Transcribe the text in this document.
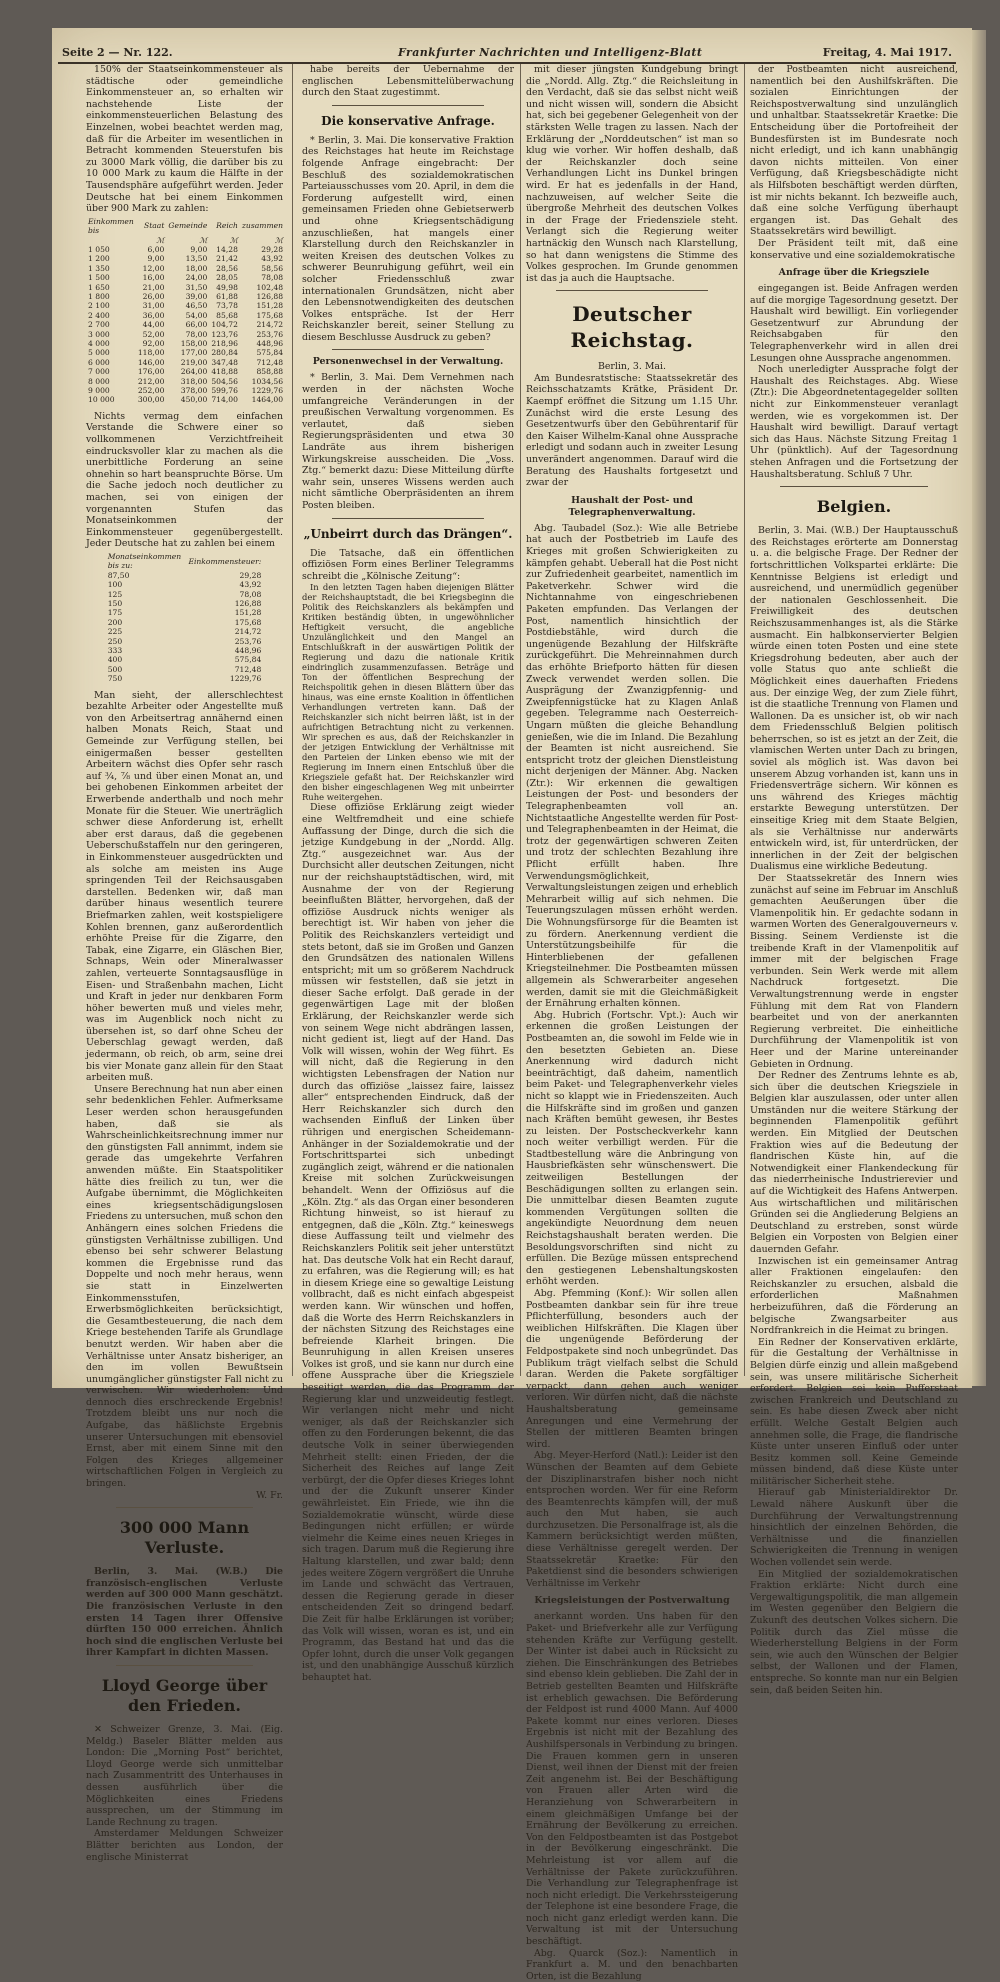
Seite 2 — Nr. 122.	Frankfurter Nachrichten und Intelligenz-Blatt	Freitag, 4. Mai 1917.

150% der Staatseinkommensteuer als städtische oder gemeindliche Einkommensteuer an, so erhalten wir nachstehende Liste der einkommensteuerlichen Belastung des Einzelnen, wobei beachtet werden mag, daß für die Arbeiter im wesentlichen in Betracht kommenden Steuerstufen bis zu 3000 Mark völlig, die darüber bis zu 10 000 Mark zu kaum die Hälfte in der Tausendsphäre aufgeführt werden. Jeder Deutsche hat bei einem Einkommen über 900 Mark zu zahlen:

Einkommen bis	Staat	Gemeinde	Reich	zusammen
	ℳ	ℳ	ℳ	ℳ
1 050	6,00	9,00	14,28	29,28
1 200	9,00	13,50	21,42	43,92
1 350	12,00	18,00	28,56	58,56
1 500	16,00	24,00	28,05	78,08
1 650	21,00	31,50	49,98	102,48
1 800	26,00	39,00	61,88	126,88
2 100	31,00	46,50	73,78	151,28
2 400	36,00	54,00	85,68	175,68
2 700	44,00	66,00	104,72	214,72
3 000	52,00	78,00	123,76	253,76
4 000	92,00	158,00	218,96	448,96
5 000	118,00	177,00	280,84	575,84
6 000	146,00	219,00	347,48	712,48
7 000	176,00	264,00	418,88	858,88
8 000	212,00	318,00	504,56	1034,56
9 000	252,00	378,00	599,76	1229,76
10 000	300,00	450,00	714,00	1464,00

Nichts vermag dem einfachen Verstande die Schwere einer so vollkommenen Verzichtfreiheit eindrucksvoller klar zu machen als die unerbittliche Forderung an seine ohnehin so hart beanspruchte Börse. Um die Sache jedoch noch deutlicher zu machen, sei von einigen der vorgenannten Stufen das Monatseinkommen der Einkommensteuer gegenübergestellt. Jeder Deutsche hat zu zahlen bei einem

Monatseinkommen bis zu:	Einkommensteuer:
87,50	29,28
100	43,92
125	78,08
150	126,88
175	151,28
200	175,68
225	214,72
250	253,76
333	448,96
400	575,84
500	712,48
750	1229,76

Man sieht, der allerschlechtest bezahlte Arbeiter oder Angestellte muß von den Arbeitsertrag annähernd einen halben Monats Reich, Staat und Gemeinde zur Verfügung stellen, bei einigermaßen besser gestellten Arbeitern wächst dies Opfer sehr rasch auf ¾, ⅞ und über einen Monat an, und bei gehobenen Einkommen arbeitet der Erwerbende anderthalb und noch mehr Monate für die Steuer. Wie unerträglich schwer diese Anforderung ist, erhellt aber erst daraus, daß die gegebenen Ueberschußstaffeln nur den geringeren, in Einkommensteuer ausgedrückten und als solche am meisten ins Auge springenden Teil der Reichsausgaben darstellen. Bedenken wir, daß man darüber hinaus wesentlich teurere Briefmarken zahlen, weit kostspieligere Kohlen brennen, ganz außerordentlich erhöhte Preise für die Zigarre, den Tabak, eine Zigarre, ein Gläschen Bier, Schnaps, Wein oder Mineralwasser zahlen, verteuerte Sonntagsausflüge in Eisen- und Straßenbahn machen, Licht und Kraft in jeder nur denkbaren Form höher bewerten muß und vieles mehr, was im Augenblick noch nicht zu übersehen ist, so darf ohne Scheu der Ueberschlag gewagt werden, daß jedermann, ob reich, ob arm, seine drei bis vier Monate ganz allein für den Staat arbeiten muß.

Unsere Berechnung hat nun aber einen sehr bedenklichen Fehler. Aufmerksame Leser werden schon herausgefunden haben, daß sie als Wahrscheinlichkeitsrechnung immer nur den günstigsten Fall annimmt, indem sie gerade das umgekehrte Verfahren anwenden müßte. Ein Staatspolitiker hätte dies freilich zu tun, wer die Aufgabe übernimmt, die Möglichkeiten eines kriegsentschädigungslosen Friedens zu untersuchen, muß schon den Anhängern eines solchen Friedens die günstigsten Verhältnisse zubilligen. Und ebenso bei sehr schwerer Belastung kommen die Ergebnisse rund das Doppelte und noch mehr heraus, wenn sie statt in Einzelwerten Einkommensstufen, Erwerbsmöglichkeiten berücksichtigt, die Gesamtbesteuerung, die nach dem Kriege bestehenden Tarife als Grundlage benutzt werden. Wir haben aber die Verhältnisse unter Ansatz bisheriger, an den im vollen Bewußtsein unumgänglicher günstigster Fall nicht zu verwischen. Wir wiederholen: Und dennoch dies erschreckende Ergebnis! Trotzdem bleibt uns nur noch die Aufgabe, das häßlichste Ergebnis unserer Untersuchungen mit ebensoviel Ernst, aber mit einem Sinne mit den Folgen des Krieges allgemeiner wirtschaftlichen Folgen in Vergleich zu bringen.

W. Fr.

300 000 Mann Verluste.

Berlin, 3. Mai. (W.B.) Die französisch-englischen Verluste werden auf 300 000 Mann geschätzt. Die französischen Verluste in den ersten 14 Tagen ihrer Offensive dürften 150 000 erreichen. Ähnlich hoch sind die englischen Verluste bei ihrer Kampfart in dichten Massen.

Lloyd George über den Frieden.

✕ Schweizer Grenze, 3. Mai. (Eig. Meldg.) Baseler Blätter melden aus London: Die „Morning Post“ berichtet, Lloyd George werde sich unmittelbar nach Zusammentritt des Unterhauses in dessen ausführlich über die Möglichkeiten eines Friedens aussprechen, um der Stimmung im Lande Rechnung zu tragen.

Amsterdamer Meldungen Schweizer Blätter berichten aus London, der englische Ministerrat

habe bereits der Uebernahme der englischen Lebensmittelüberwachung durch den Staat zugestimmt.

Die konservative Anfrage.

* Berlin, 3. Mai. Die konservative Fraktion des Reichstages hat heute im Reichstage folgende Anfrage eingebracht: Der Beschluß des sozialdemokratischen Parteiausschusses vom 20. April, in dem die Forderung aufgestellt wird, einen gemeinsamen Frieden ohne Gebietserwerb und ohne Kriegsentschädigung anzuschließen, hat mangels einer Klarstellung durch den Reichskanzler in weiten Kreisen des deutschen Volkes zu schwerer Beunruhigung geführt, weil ein solcher Friedensschluß zwar internationalen Grundsätzen, nicht aber den Lebensnotwendigkeiten des deutschen Volkes entspräche. Ist der Herr Reichskanzler bereit, seiner Stellung zu diesem Beschlusse Ausdruck zu geben?

Personenwechsel in der Verwaltung.

* Berlin, 3. Mai. Dem Vernehmen nach werden in der nächsten Woche umfangreiche Veränderungen in der preußischen Verwaltung vorgenommen. Es verlautet, daß sieben Regierungspräsidenten und etwa 30 Landräte aus ihrem bisherigen Wirkungskreise ausscheiden. Die „Voss. Ztg.“ bemerkt dazu: Diese Mitteilung dürfte wahr sein, unseres Wissens werden auch nicht sämtliche Oberpräsidenten an ihrem Posten bleiben.

„Unbeirrt durch das Drängen“.

Die Tatsache, daß ein öffentlichen offiziösen Form eines Berliner Telegramms schreibt die „Kölnische Zeitung“:

In den letzten Tagen haben diejenigen Blätter der Reichshauptstadt, die bei Kriegsbeginn die Politik des Reichskanzlers als bekämpfen und Kritiken beständig übten, in ungewöhnlicher Heftigkeit versucht, die angebliche Unzulänglichkeit und den Mangel an Entschlußkraft in der auswärtigen Politik der Regierung und dazu die nationale Kritik eindringlich zusammenzufassen. Beträge und Ton der öffentlichen Besprechung der Reichspolitik gehen in diesen Blättern über das hinaus, was eine ernste Koalition in öffentlichen Verhandlungen vertreten kann. Daß der Reichskanzler sich nicht beirren läßt, ist in der aufrichtigen Betrachtung nicht zu verkennen. Wir sprechen es aus, daß der Reichskanzler in der jetzigen Entwicklung der Verhältnisse mit den Parteien der Linken ebenso wie mit der Regierung im Innern einen Entschluß über die Kriegsziele gefaßt hat. Der Reichskanzler wird den bisher eingeschlagenen Weg mit unbeirrter Ruhe weitergehen.

Diese offiziöse Erklärung zeigt wieder eine Weltfremdheit und eine schiefe Auffassung der Dinge, durch die sich die jetzige Kundgebung in der „Nordd. Allg. Ztg.“ ausgezeichnet war. Aus der Durchsicht aller deutschen Zeitungen, nicht nur der reichshauptstädtischen, wird, mit Ausnahme der von der Regierung beeinflußten Blätter, hervorgehen, daß der offiziöse Ausdruck nichts weniger als berechtigt ist. Wir haben von jeher die Politik des Reichskanzlers verteidigt und stets betont, daß sie im Großen und Ganzen den Grundsätzen des nationalen Willens entspricht; mit um so größerem Nachdruck müssen wir feststellen, daß sie jetzt in dieser Sache erfolgt. Daß gerade in der gegenwärtigen Lage mit der bloßen Erklärung, der Reichskanzler werde sich von seinem Wege nicht abdrängen lassen, nicht gedient ist, liegt auf der Hand. Das Volk will wissen, wohin der Weg führt. Es will nicht, daß die Regierung in den wichtigsten Lebensfragen der Nation nur durch das offiziöse „laissez faire, laissez aller“ entsprechenden Eindruck, daß der Herr Reichskanzler sich durch den wachsenden Einfluß der Linken über rührigen und energischen Scheidemann-Anhänger in der Sozialdemokratie und der Fortschrittspartei sich unbedingt zugänglich zeigt, während er die nationalen Kreise mit solchen Zurückweisungen behandelt. Wenn der Offiziösus auf die „Köln. Ztg.“ als das Organ einer besonderen Richtung hinweist, so ist hierauf zu entgegnen, daß die „Köln. Ztg.“ keineswegs diese Auffassung teilt und vielmehr des Reichskanzlers Politik seit jeher unterstützt hat. Das deutsche Volk hat ein Recht darauf, zu erfahren, was die Regierung will; es hat in diesem Kriege eine so gewaltige Leistung vollbracht, daß es nicht einfach abgespeist werden kann. Wir wünschen und hoffen, daß die Worte des Herrn Reichskanzlers in der nächsten Sitzung des Reichstages eine befreiende Klarheit bringen. Die Beunruhigung in allen Kreisen unseres Volkes ist groß, und sie kann nur durch eine offene Aussprache über die Kriegsziele beseitigt werden, die das Programm der Regierung klar und unzweideutig festlegt. Wir verlangen nicht mehr und nicht weniger, als daß der Reichskanzler sich offen zu den Forderungen bekennt, die das deutsche Volk in seiner überwiegenden Mehrheit stellt: einen Frieden, der die Sicherheit des Reiches auf lange Zeit verbürgt, der die Opfer dieses Krieges lohnt und der die Zukunft unserer Kinder gewährleistet. Ein Friede, wie ihn die Sozialdemokratie wünscht, würde diese Bedingungen nicht erfüllen; er würde vielmehr die Keime eines neuen Krieges in sich tragen. Darum muß die Regierung ihre Haltung klarstellen, und zwar bald; denn jedes weitere Zögern vergrößert die Unruhe im Lande und schwächt das Vertrauen, dessen die Regierung gerade in dieser entscheidenden Zeit so dringend bedarf. Die Zeit für halbe Erklärungen ist vorüber; das Volk will wissen, woran es ist, und ein Programm, das Bestand hat und das die Opfer lohnt, durch die unser Volk gegangen ist, und den unabhängige Ausschuß kürzlich behauptet hat.

mit dieser jüngsten Kundgebung bringt die „Nordd. Allg. Ztg.“ die Reichsleitung in den Verdacht, daß sie das selbst nicht weiß und nicht wissen will, sondern die Absicht hat, sich bei gegebener Gelegenheit von der stärksten Welle tragen zu lassen. Nach der Erklärung der „Norddeutschen“ ist man so klug wie vorher. Wir hoffen deshalb, daß der Reichskanzler doch seine Verhandlungen Licht ins Dunkel bringen wird. Er hat es jedenfalls in der Hand, nachzuweisen, auf welcher Seite die übergroße Mehrheit des deutschen Volkes in der Frage der Friedensziele steht. Verlangt sich die Regierung weiter hartnäckig den Wunsch nach Klarstellung, so hat dann wenigstens die Stimme des Volkes gesprochen. Im Grunde genommen ist das ja auch die Hauptsache.

Deutscher Reichstag.

Berlin, 3. Mai.

Am Bundesratstische: Staatssekretär des Reichsschatzamts Krätke, Präsident Dr. Kaempf eröffnet die Sitzung um 1.15 Uhr. Zunächst wird die erste Lesung des Gesetzentwurfs über den Gebührentarif für den Kaiser Wilhelm-Kanal ohne Aussprache erledigt und sodann auch in zweiter Lesung unverändert angenommen. Darauf wird die Beratung des Haushalts fortgesetzt und zwar der

Haushalt der Post- und Telegraphenverwaltung.

Abg. Taubadel (Soz.): Wie alle Betriebe hat auch der Postbetrieb im Laufe des Krieges mit großen Schwierigkeiten zu kämpfen gehabt. Ueberall hat die Post nicht zur Zufriedenheit gearbeitet, namentlich im Paketverkehr. Schwer wird die Nichtannahme von eingeschriebenen Paketen empfunden. Das Verlangen der Post, namentlich hinsichtlich der Postdiebstähle, wird durch die ungenügende Bezahlung der Hilfskräfte zurückgeführt. Die Mehreinnahmen durch das erhöhte Briefporto hätten für diesen Zweck verwendet werden sollen. Die Ausprägung der Zwanzigpfennig- und Zweipfennigstücke hat zu Klagen Anlaß gegeben. Telegramme nach Oesterreich-Ungarn müßten die gleiche Behandlung genießen, wie die im Inland. Die Bezahlung der Beamten ist nicht ausreichend. Sie entspricht trotz der gleichen Dienstleistung nicht derjenigen der Männer. Abg. Nacken (Ztr.): Wir erkennen die gewaltigen Leistungen der Post- und besonders der Telegraphenbeamten voll an. Nichtstaatliche Angestellte werden für Post- und Telegraphenbeamten in der Heimat, die trotz der gegenwärtigen schweren Zeiten und trotz der schlechten Bezahlung ihre Pflicht erfüllt haben. Ihre Verwendungsmöglichkeit, Verwaltungsleistungen zeigen und erheblich Mehrarbeit willig auf sich nehmen. Die Teuerungszulagen müssen erhöht werden. Die Wohnungsfürsorge für die Beamten ist zu fördern. Anerkennung verdient die Unterstützungsbeihilfe für die Hinterbliebenen der gefallenen Kriegsteilnehmer. Die Postbeamten müssen allgemein als Schwerarbeiter angesehen werden, damit sie mit die Gleichmäßigkeit der Ernährung erhalten können.

Abg. Hubrich (Fortschr. Vpt.): Auch wir erkennen die großen Leistungen der Postbeamten an, die sowohl im Felde wie in den besetzten Gebieten an. Diese Anerkennung wird dadurch nicht beeinträchtigt, daß daheim, namentlich beim Paket- und Telegraphenverkehr vieles nicht so klappt wie in Friedenszeiten. Auch die Hilfskräfte sind im großen und ganzen nach Kräften bemüht gewesen, ihr Bestes zu leisten. Der Postscheckverkehr kann noch weiter verbilligt werden. Für die Stadtbestellung wäre die Anbringung von Hausbriefkästen sehr wünschenswert. Die zeitweiligen Bestellungen der Beschädigungen sollten zu erlangen sein. Die unmittelbar diesen Beamten zugute kommenden Vergütungen sollten die angekündigte Neuordnung dem neuen Reichstagshaushalt beraten werden. Die Besoldungsvorschriften sind nicht zu erfüllen. Die Bezüge müssen entsprechend den gestiegenen Lebenshaltungskosten erhöht werden.

Abg. Pfemming (Konf.): Wir sollen allen Postbeamten dankbar sein für ihre treue Pflichterfüllung, besonders auch der weiblichen Hilfskräften. Die Klagen über die ungenügende Beförderung der Feldpostpakete sind noch unbegründet. Das Publikum trägt vielfach selbst die Schuld daran. Werden die Pakete sorgfältiger verpackt, dann gehen auch weniger verloren. Wir dürfen nicht, daß die nächste Haushaltsberatung gemeinsame Anregungen und eine Vermehrung der Stellen der mittleren Beamten bringen wird.

Abg. Meyer-Herford (Natl.): Leider ist den Wünschen der Beamten auf dem Gebiete der Disziplinarstrafen bisher noch nicht entsprochen worden. Wer für eine Reform des Beamtenrechts kämpfen will, der muß auch den Mut haben, sie auch durchzusetzen. Die Personalfrage ist, als die Kammern berücksichtigt werden müßten, diese Verhältnisse geregelt werden. Der Staatssekretär Kraetke: Für den Paketdienst sind die besonders schwierigen Verhältnisse im Verkehr

Kriegsleistungen der Postverwaltung

anerkannt worden. Uns haben für den Paket- und Briefverkehr alle zur Verfügung stehenden Kräfte zur Verfügung gestellt. Der Winter ist dabei auch in Rücksicht zu ziehen. Die Einschränkungen des Betriebes sind ebenso klein geblieben. Die Zahl der in Betrieb gestellten Beamten und Hilfskräfte ist erheblich gewachsen. Die Beförderung der Feldpost ist rund 4000 Mann. Auf 4000 Pakete kommt nur eines verloren. Dieses Ergebnis ist nicht mit der Bezahlung des Aushilfspersonals in Verbindung zu bringen. Die Frauen kommen gern in unseren Dienst, weil ihnen der Dienst mit der freien Zeit angenehm ist. Bei der Beschäftigung von Frauen aller Arten wird die Heranziehung von Schwerarbeitern in einem gleichmäßigen Umfange bei der Ernährung der Bevölkerung zu erreichen. Von den Feldpostbeamten ist das Postgebot in der Bevölkerung eingeschränkt. Die Mehrleistung ist vor allem auf die Verhältnisse der Pakete zurückzuführen. Die Verhandlung zur Telegraphenfrage ist noch nicht erledigt. Die Verkehrssteigerung der Telephone ist eine besondere Frage, die noch nicht ganz erledigt werden kann. Die Verwaltung ist mit der Untersuchung beschäftigt.

Abg. Quarck (Soz.): Namentlich in Frankfurt a. M. und den benachbarten Orten, ist die Bezahlung

der Postbeamten nicht ausreichend, namentlich bei den Aushilfskräften. Die sozialen Einrichtungen der Reichspostverwaltung sind unzulänglich und unhaltbar. Staatssekretär Kraetke: Die Entscheidung über die Portofreiheit der Bundesfürsten ist im Bundesrate noch nicht erledigt, und ich kann unabhängig davon nichts mitteilen. Von einer Verfügung, daß Kriegsbeschädigte nicht als Hilfsboten beschäftigt werden dürften, ist mir nichts bekannt. Ich bezweifle auch, daß eine solche Verfügung überhaupt ergangen ist. Das Gehalt des Staatssekretärs wird bewilligt.

Der Präsident teilt mit, daß eine konservative und eine sozialdemokratische

Anfrage über die Kriegsziele

eingegangen ist. Beide Anfragen werden auf die morgige Tagesordnung gesetzt. Der Haushalt wird bewilligt. Ein vorliegender Gesetzentwurf zur Abrundung der Reichsabgaben für den Telegraphenverkehr wird in allen drei Lesungen ohne Aussprache angenommen.

Noch unerledigter Aussprache folgt der Haushalt des Reichstages. Abg. Wiese (Ztr.): Die Abgeordnetentagegelder sollten nicht zur Einkommensteuer veranlagt werden, wie es vorgekommen ist. Der Haushalt wird bewilligt. Darauf vertagt sich das Haus. Nächste Sitzung Freitag 1 Uhr (pünktlich). Auf der Tagesordnung stehen Anfragen und die Fortsetzung der Haushaltsberatung. Schluß 7 Uhr.

Belgien.

Berlin, 3. Mai. (W.B.) Der Hauptausschuß des Reichstages erörterte am Donnerstag u. a. die belgische Frage. Der Redner der fortschrittlichen Volkspartei erklärte: Die Kenntnisse Belgiens ist erledigt und ausreichend, und unermüdlich gegenüber der nationalen Geschlossenheit. Die Freiwilligkeit des deutschen Reichszusammenhanges ist, als die Stärke ausmacht. Ein halbkonservierter Belgien würde einen toten Posten und eine stete Kriegsdrohung bedeuten, aber auch der volle Status quo ante schließt die Möglichkeit eines dauerhaften Friedens aus. Der einzige Weg, der zum Ziele führt, ist die staatliche Trennung von Flamen und Wallonen. Da es unsicher ist, ob wir nach dem Friedensschluß Belgien politisch beherrschen, so ist es jetzt an der Zeit, die vlamischen Werten unter Dach zu bringen, soviel als möglich ist. Was davon bei unserem Abzug vorhanden ist, kann uns in Friedensverträge sichern. Wir können es uns während des Krieges mächtig erstarkte Bewegung unterstützen. Der einseitige Krieg mit dem Staate Belgien, als sie Verhältnisse nur anderwärts entwickeln wird, ist, für unterdrücken, der innerlichen in der Zeit der belgischen Dualismus eine wirkliche Bedeutung.

Der Staatssekretär des Innern wies zunächst auf seine im Februar im Anschluß gemachten Aeußerungen über die Vlamenpolitik hin. Er gedachte sodann in warmen Worten des Generalgouverneurs v. Bissing. Seinem Verdienste ist die treibende Kraft in der Vlamenpolitik auf immer mit der belgischen Frage verbunden. Sein Werk werde mit allem Nachdruck fortgesetzt. Die Verwaltungstrennung werde in engster Fühlung mit dem Rat von Flandern bearbeitet und von der anerkannten Regierung verbreitet. Die einheitliche Durchführung der Vlamenpolitik ist von Heer und der Marine untereinander Gebieten in Ordnung.

Der Redner des Zentrums lehnte es ab, sich über die deutschen Kriegsziele in Belgien klar auszulassen, oder unter allen Umständen nur die weitere Stärkung der beginnenden Flamenpolitik geführt werden. Ein Mitglied der Deutschen Fraktion wies auf die Bedeutung der flandrischen Küste hin, auf die Notwendigkeit einer Flankendeckung für das niederrheinische Industrierevier und auf die Wichtigkeit des Hafens Antwerpen. Aus wirtschaftlichen und militärischen Gründen sei die Angliederung Belgiens an Deutschland zu erstreben, sonst würde Belgien ein Vorposten von Belgien einer dauernden Gefahr.

Inzwischen ist ein gemeinsamer Antrag aller Fraktionen eingelaufen: den Reichskanzler zu ersuchen, alsbald die erforderlichen Maßnahmen herbeizuführen, daß die Förderung an belgische Zwangsarbeiter aus Nordfrankreich in die Heimat zu bringen.

Ein Redner der Konservativen erklärte, für die Gestaltung der Verhältnisse in Belgien dürfe einzig und allein maßgebend sein, was unsere militärische Sicherheit erfordert. Belgien sei kein Pufferstaat zwischen Frankreich und Deutschland zu sein. Es habe diesen Zweck aber nicht erfüllt. Welche Gestalt Belgien auch annehmen solle, die Frage, die flandrische Küste unter unseren Einfluß oder unter Besitz kommen soll. Keine Gemeinde müssen bindend, daß diese Küste unter militärischer Sicherheit stehe.

Hierauf gab Ministerialdirektor Dr. Lewald nähere Auskunft über die Durchführung der Verwaltungstrennung hinsichtlich der einzelnen Behörden, die Verhältnisse und die finanziellen Schwierigkeiten die Trennung in wenigen Wochen vollendet sein werde.

Ein Mitglied der sozialdemokratischen Fraktion erklärte: Nicht durch eine Vergewaltigungspolitik, die man allgemein im Westen gegenüber den Belgiern die Zukunft des deutschen Volkes sichern. Die Politik durch das Ziel müsse die Wiederherstellung Belgiens in der Form sein, wie auch den Wünschen der Belgier selbst, der Wallonen und der Flamen, entspreche. So konnte man nur ein Belgien sein, daß beiden Seiten hin.
